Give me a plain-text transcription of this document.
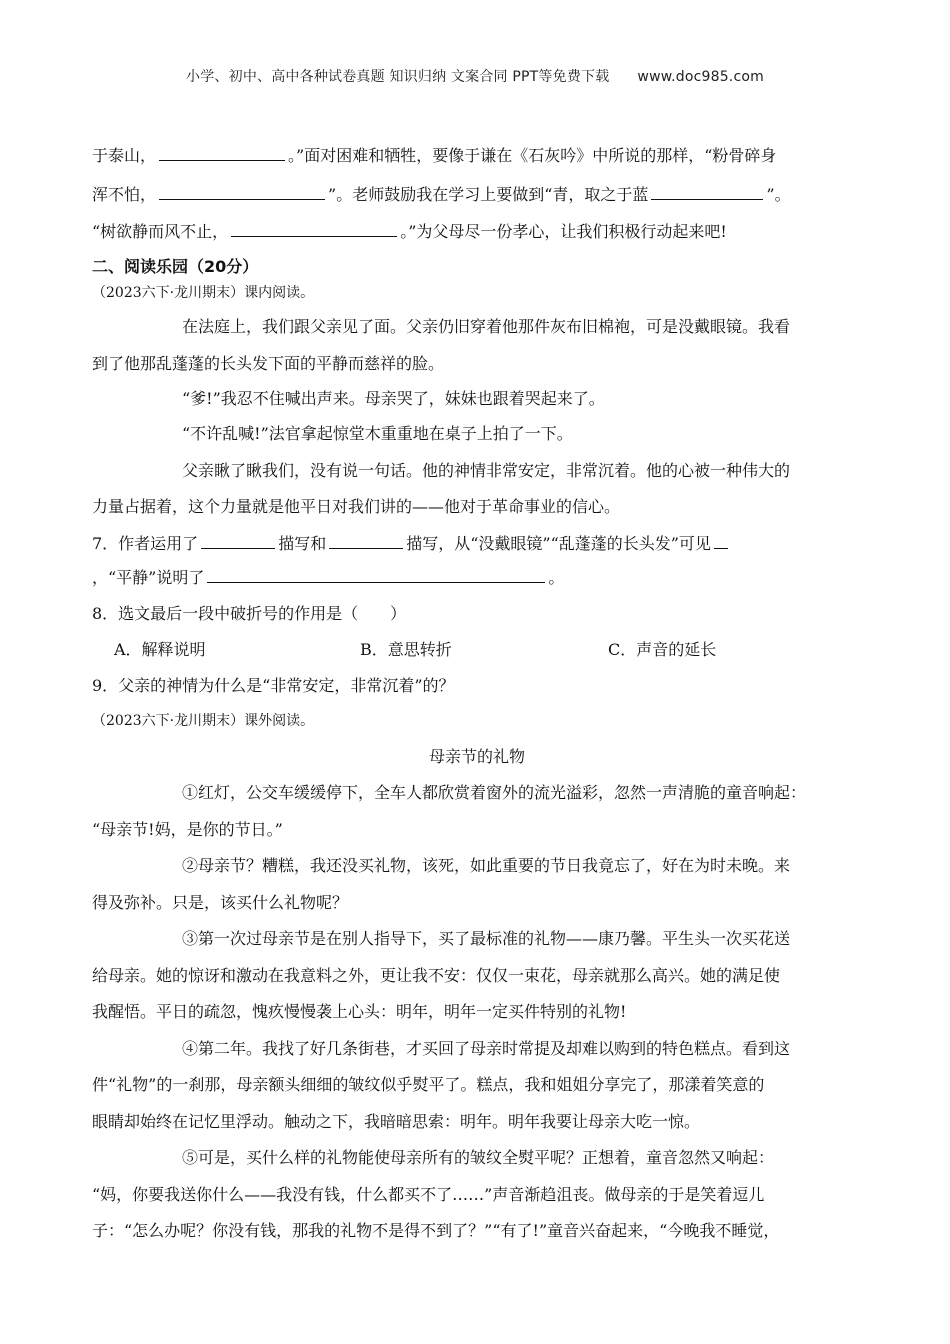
小学、初中、高中各种试卷真题 知识归纳 文案合同 PPT等免费下载 www.doc985.com
于泰山，	。”面对困难和牺牲，要像于谦在《石灰吟》中所说的那样，“粉骨碎身
浑不怕，	”。老师鼓励我在学习上要做到“青，取之于蓝	”。
“树欲静而风不止，	。”为父母尽一份孝心，让我们积极行动起来吧!
二、阅读乐园（20分）
（2023六下·龙川期末）课内阅读。
在法庭上，我们跟父亲见了面。父亲仍旧穿着他那件灰布旧棉袍，可是没戴眼镜。我看
到了他那乱蓬蓬的长头发下面的平静而慈祥的脸。
“爹!”我忍不住喊出声来。母亲哭了，妹妹也跟着哭起来了。
“不许乱喊!”法官拿起惊堂木重重地在桌子上拍了一下。
父亲瞅了瞅我们，没有说一句话。他的神情非常安定，非常沉着。他的心被一种伟大的
力量占据着，这个力量就是他平日对我们讲的——他对于革命事业的信心。
7．作者运用了	描写和	描写，从“没戴眼镜”“乱蓬蓬的长头发”可见
，“平静”说明了	。
8．选文最后一段中破折号的作用是（　　）
A．解释说明	B．意思转折	C．声音的延长
9．父亲的神情为什么是“非常安定，非常沉着”的？
（2023六下·龙川期末）课外阅读。
母亲节的礼物
①红灯，公交车缓缓停下，全车人都欣赏着窗外的流光溢彩，忽然一声清脆的童音响起：
“母亲节!妈，是你的节日。”
②母亲节？糟糕，我还没买礼物，该死，如此重要的节日我竟忘了，好在为时未晚。来
得及弥补。只是，该买什么礼物呢？
③第一次过母亲节是在别人指导下，买了最标准的礼物——康乃馨。平生头一次买花送
给母亲。她的惊讶和激动在我意料之外，更让我不安：仅仅一束花，母亲就那么高兴。她的满足使
我醒悟。平日的疏忽，愧疚慢慢袭上心头：明年，明年一定买件特别的礼物!
④第二年。我找了好几条街巷，才买回了母亲时常提及却难以购到的特色糕点。看到这
件“礼物”的一刹那，母亲额头细细的皱纹似乎熨平了。糕点，我和姐姐分享完了，那漾着笑意的
眼睛却始终在记忆里浮动。触动之下，我暗暗思索：明年。明年我要让母亲大吃一惊。
⑤可是，买什么样的礼物能使母亲所有的皱纹全熨平呢？正想着，童音忽然又响起：
“妈，你要我送你什么——我没有钱，什么都买不了……”声音渐趋沮丧。做母亲的于是笑着逗儿
子：“怎么办呢？你没有钱，那我的礼物不是得不到了？”“有了!”童音兴奋起来，“今晚我不睡觉，
